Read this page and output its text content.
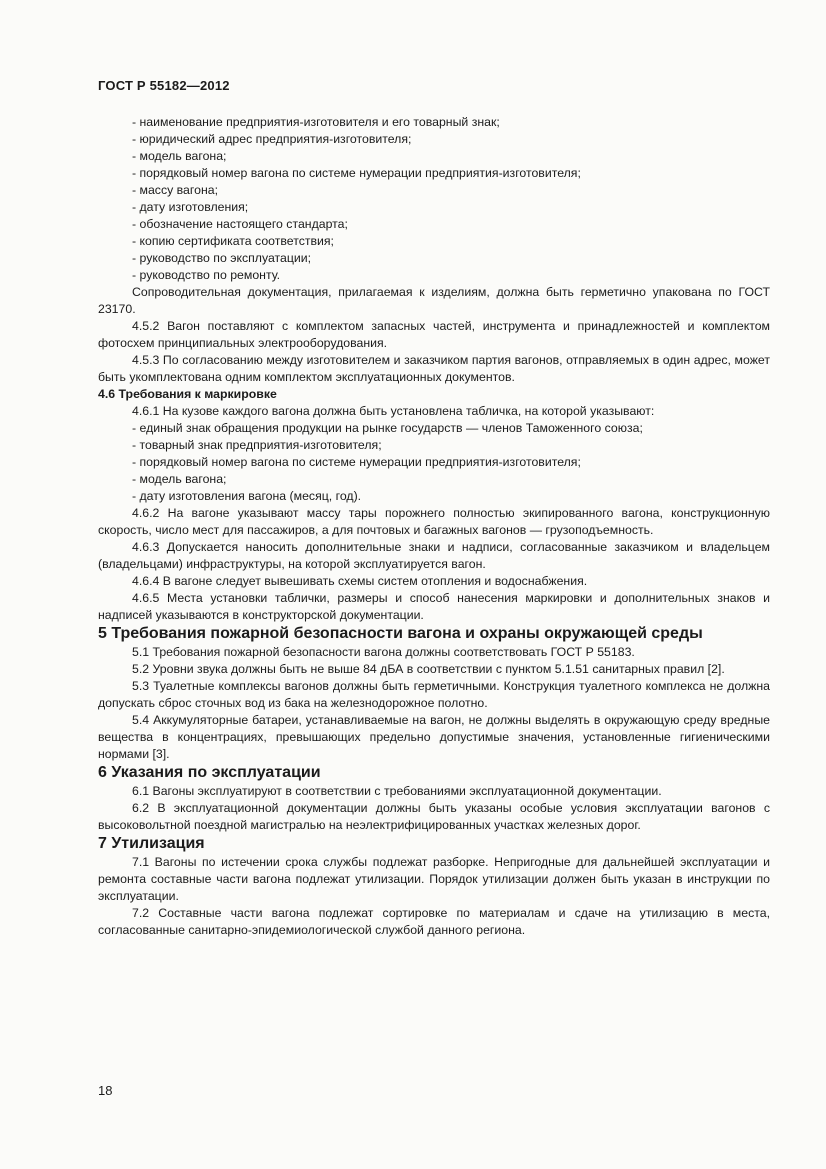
ГОСТ Р 55182—2012

- наименование предприятия-изготовителя и его товарный знак;

- юридический адрес предприятия-изготовителя;

- модель вагона;

- порядковый номер вагона по системе нумерации предприятия-изготовителя;

- массу вагона;

- дату изготовления;

- обозначение настоящего стандарта;

- копию сертификата соответствия;

- руководство по эксплуатации;

- руководство по ремонту.

Сопроводительная документация, прилагаемая к изделиям, должна быть герметично упакована по ГОСТ 23170.

4.5.2 Вагон поставляют с комплектом запасных частей, инструмента и принадлежностей и комплектом фотосхем принципиальных электрооборудования.

4.5.3 По согласованию между изготовителем и заказчиком партия вагонов, отправляемых в один адрес, может быть укомплектована одним комплектом эксплуатационных документов.

4.6 Требования к маркировке

4.6.1 На кузове каждого вагона должна быть установлена табличка, на которой указывают:

- единый знак обращения продукции на рынке государств — членов Таможенного союза;

- товарный знак предприятия-изготовителя;

- порядковый номер вагона по системе нумерации предприятия-изготовителя;

- модель вагона;

- дату изготовления вагона (месяц, год).

4.6.2 На вагоне указывают массу тары порожнего полностью экипированного вагона, конструкционную скорость, число мест для пассажиров, а для почтовых и багажных вагонов — грузоподъемность.

4.6.3 Допускается наносить дополнительные знаки и надписи, согласованные заказчиком и владельцем (владельцами) инфраструктуры, на которой эксплуатируется вагон.

4.6.4 В вагоне следует вывешивать схемы систем отопления и водоснабжения.

4.6.5 Места установки таблички, размеры и способ нанесения маркировки и дополнительных знаков и надписей указываются в конструкторской документации.

5 Требования пожарной безопасности вагона и охраны окружающей среды

5.1 Требования пожарной безопасности вагона должны соответствовать ГОСТ Р 55183.

5.2 Уровни звука должны быть не выше 84 дБА в соответствии с пунктом 5.1.51 санитарных правил [2].

5.3 Туалетные комплексы вагонов должны быть герметичными. Конструкция туалетного комплекса не должна допускать сброс сточных вод из бака на железнодорожное полотно.

5.4 Аккумуляторные батареи, устанавливаемые на вагон, не должны выделять в окружающую среду вредные вещества в концентрациях, превышающих предельно допустимые значения, установленные гигиеническими нормами [3].

6 Указания по эксплуатации

6.1 Вагоны эксплуатируют в соответствии с требованиями эксплуатационной документации.

6.2 В эксплуатационной документации должны быть указаны особые условия эксплуатации вагонов с высоковольтной поездной магистралью на неэлектрифицированных участках железных дорог.

7 Утилизация

7.1 Вагоны по истечении срока службы подлежат разборке. Непригодные для дальнейшей эксплуатации и ремонта составные части вагона подлежат утилизации. Порядок утилизации должен быть указан в инструкции по эксплуатации.

7.2 Составные части вагона подлежат сортировке по материалам и сдаче на утилизацию в места, согласованные санитарно-эпидемиологической службой данного региона.

18
